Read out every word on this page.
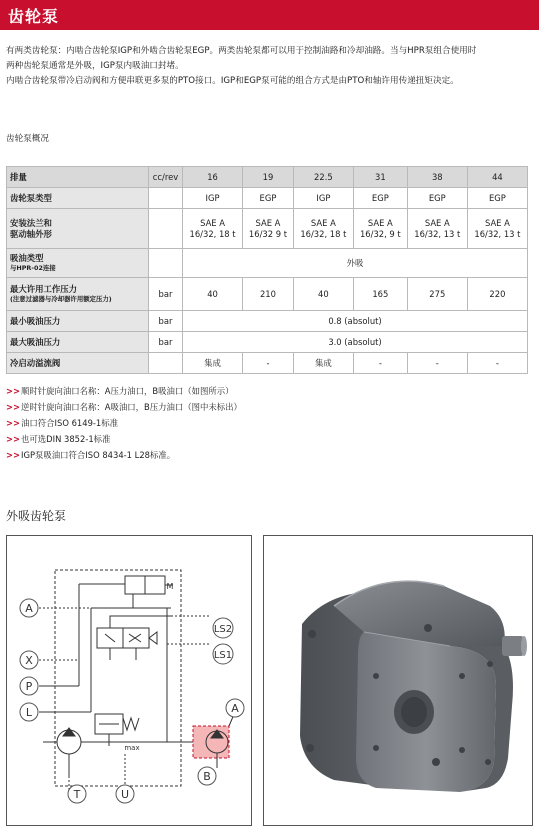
齿轮泵
有两类齿轮泵：内啮合齿轮泵IGP和外啮合齿轮泵EGP。两类齿轮泵都可以用于控制油路和冷却油路。当与HPR泵组合使用时
两种齿轮泵通常是外吸，IGP泵内吸油口封堵。
内啮合齿轮泵带冷启动阀和方便串联更多泵的PTO接口。IGP和EGP泵可能的组合方式是由PTO和轴许用传递扭矩决定。
齿轮泵概况
排量	cc/rev	16	19	22.5	31	38	44
齿轮泵类型		IGP	EGP	IGP	EGP	EGP	EGP

安装法兰和
驱动轴外形		SAE A
16/32, 18 t	SAE A
16/32 9 t	SAE A
16/32, 18 t	SAE A
16/32, 9 t	SAE A
16/32, 13 t	SAE A
16/32, 13 t

吸油类型
与HPR-02连接		外吸					

最大许用工作压力
(注意过滤器与冷却器许用额定压力)	bar	40	210	40	165	275	220
最小吸油压力	bar	0.8 (absolut)					
最大吸油压力	bar	3.0 (absolut)					
冷启动溢流阀		集成	-	集成	-	-	-
>>顺时针旋向油口名称：A压力油口，B吸油口（如图所示）
>>逆时针旋向油口名称：A吸油口，B压力油口（图中未标出）
>>油口符合ISO 6149-1标准
>>也可选DIN 3852-1标准
>>IGP泵吸油口符合ISO 8434-1 L28标准。
外吸齿轮泵
A
X
P
L
T	U
LS2
LS1
A
B
M
max
